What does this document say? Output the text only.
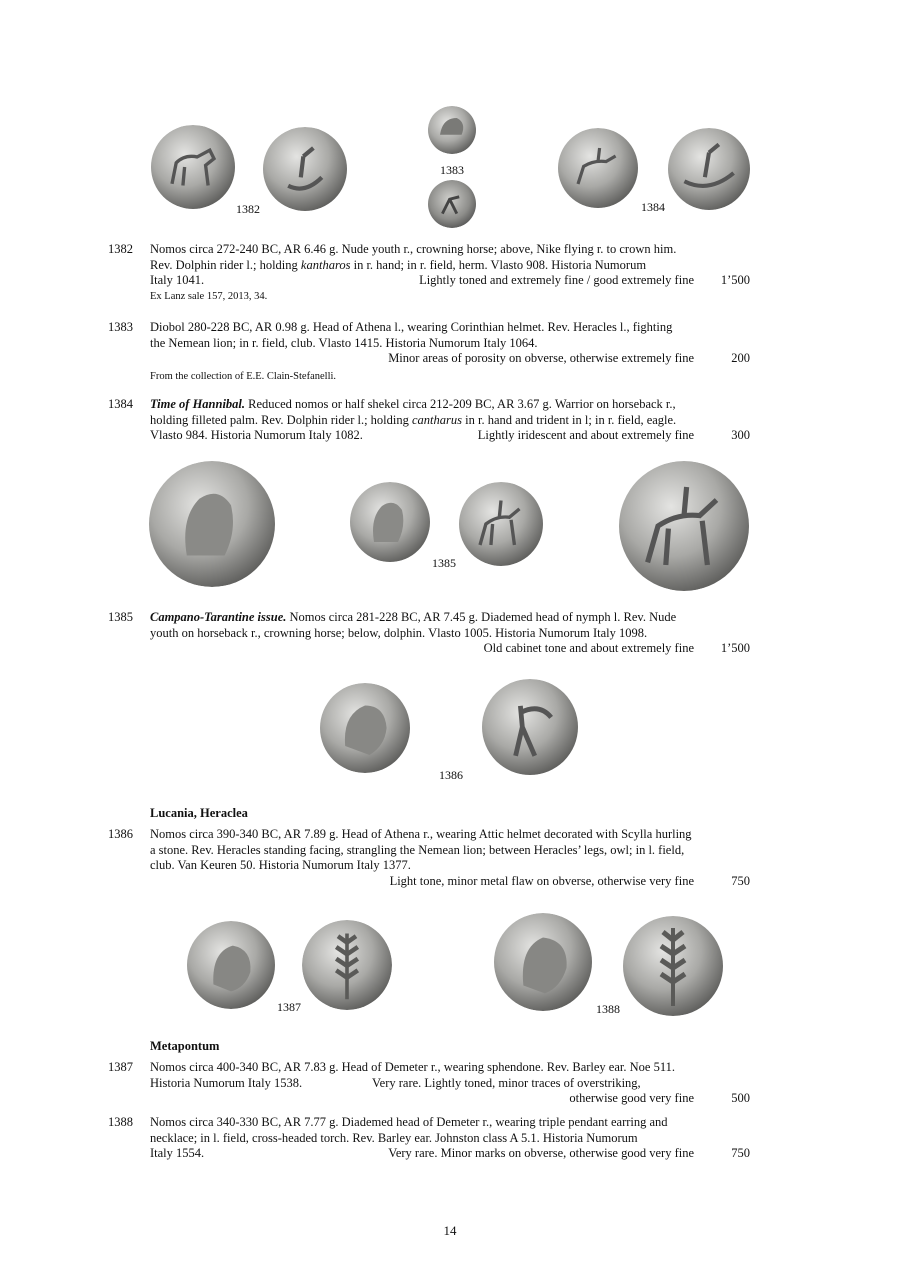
1382
1383
1384
1382 Nomos circa 272-240 BC, AR 6.46 g. Nude youth r., crowning horse; above, Nike flying r. to crown him.

Rev. Dolphin rider l.; holding kantharos in r. hand; in r. field, herm. Vlasto 908. Historia Numorum

Italy 1041.	Lightly toned and extremely fine / good extremely fine 1’500

Ex Lanz sale 157, 2013, 34.

1383 Diobol 280-228 BC, AR 0.98 g. Head of Athena l., wearing Corinthian helmet. Rev. Heracles l., fighting

the Nemean lion; in r. field, club. Vlasto 1415. Historia Numorum Italy 1064.

Minor areas of porosity on obverse, otherwise extremely fine	200

From the collection of E.E. Clain-Stefanelli.

1384 Time of Hannibal. Reduced nomos or half shekel circa 212-209 BC, AR 3.67 g. Warrior on horseback r.,

holding filleted palm. Rev. Dolphin rider l.; holding cantharus in r. hand and trident in l; in r. field, eagle.

Vlasto 984. Historia Numorum Italy 1082.	Lightly iridescent and about extremely fine	300
1385
1385 Campano-Tarantine issue. Nomos circa 281-228 BC, AR 7.45 g. Diademed head of nymph l. Rev. Nude

youth on horseback r., crowning horse; below, dolphin. Vlasto 1005. Historia Numorum Italy 1098.

Old cabinet tone and about extremely fine 1’500
1386
Lucania, Heraclea
1386 Nomos circa 390-340 BC, AR 7.89 g. Head of Athena r., wearing Attic helmet decorated with Scylla hurling

a stone. Rev. Heracles standing facing, strangling the Nemean lion; between Heracles’ legs, owl; in l. field,

club. Van Keuren 50. Historia Numorum Italy 1377.

Light tone, minor metal flaw on obverse, otherwise very fine	750
1387	1388
Metapontum
1387 Nomos circa 400-340 BC, AR 7.83 g. Head of Demeter r., wearing sphendone. Rev. Barley ear. Noe 511.

Historia Numorum Italy 1538.	Very rare. Lightly toned, minor traces of overstriking,
otherwise good very fine	500
1388 Nomos circa 340-330 BC, AR 7.77 g. Diademed head of Demeter r., wearing triple pendant earring and

necklace; in l. field, cross-headed torch. Rev. Barley ear. Johnston class A 5.1. Historia Numorum

Italy 1554.	Very rare. Minor marks on obverse, otherwise good very fine	750
14
